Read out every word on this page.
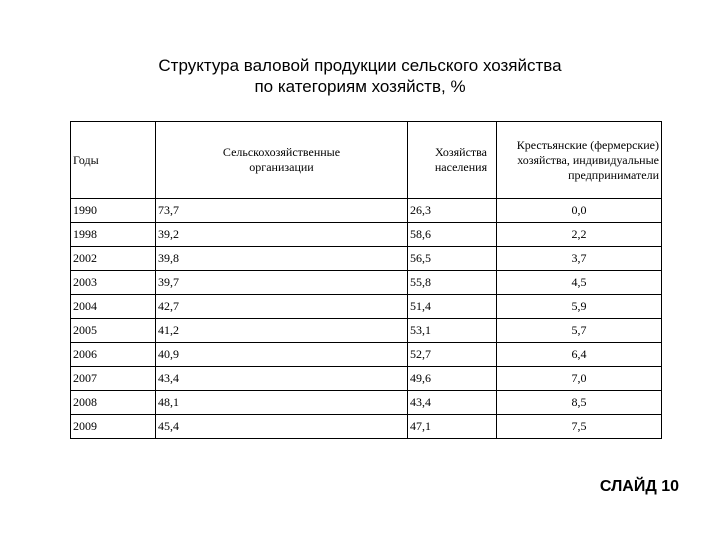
Структура валовой продукции сельского хозяйства
по категориям хозяйств, %
Годы	Сельскохозяйственные организации	Хозяйства населения	Крестьянские (фермерские) хозяйства, индивидуальные предприниматели

1990	73,7	26,3	0,0
1998	39,2	58,6	2,2
2002	39,8	56,5	3,7
2003	39,7	55,8	4,5
2004	42,7	51,4	5,9
2005	41,2	53,1	5,7
2006	40,9	52,7	6,4
2007	43,4	49,6	7,0
2008	48,1	43,4	8,5
2009	45,4	47,1	7,5
СЛАЙД 10
